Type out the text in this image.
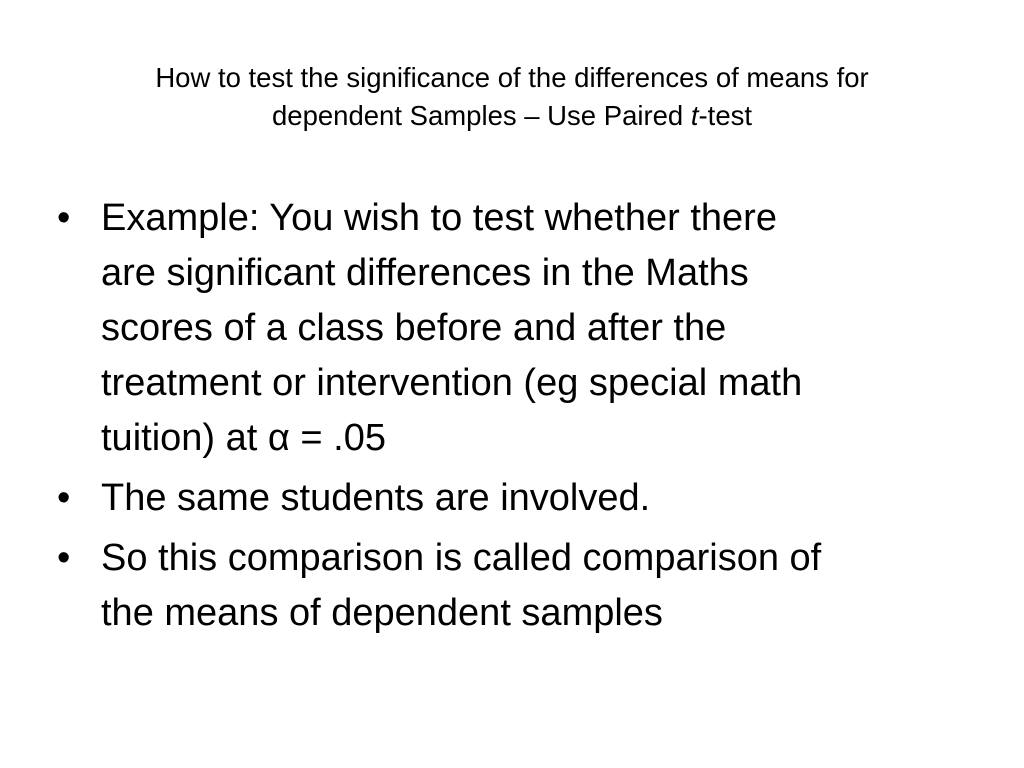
How to test the significance of the differences of means for
dependent Samples – Use Paired t-test
• Example: You wish to test whether there
are significant differences in the Maths
scores of a class before and after the
treatment or intervention (eg special math
tuition) at α = .05
• The same students are involved.
• So this comparison is called comparison of
the means of dependent samples
